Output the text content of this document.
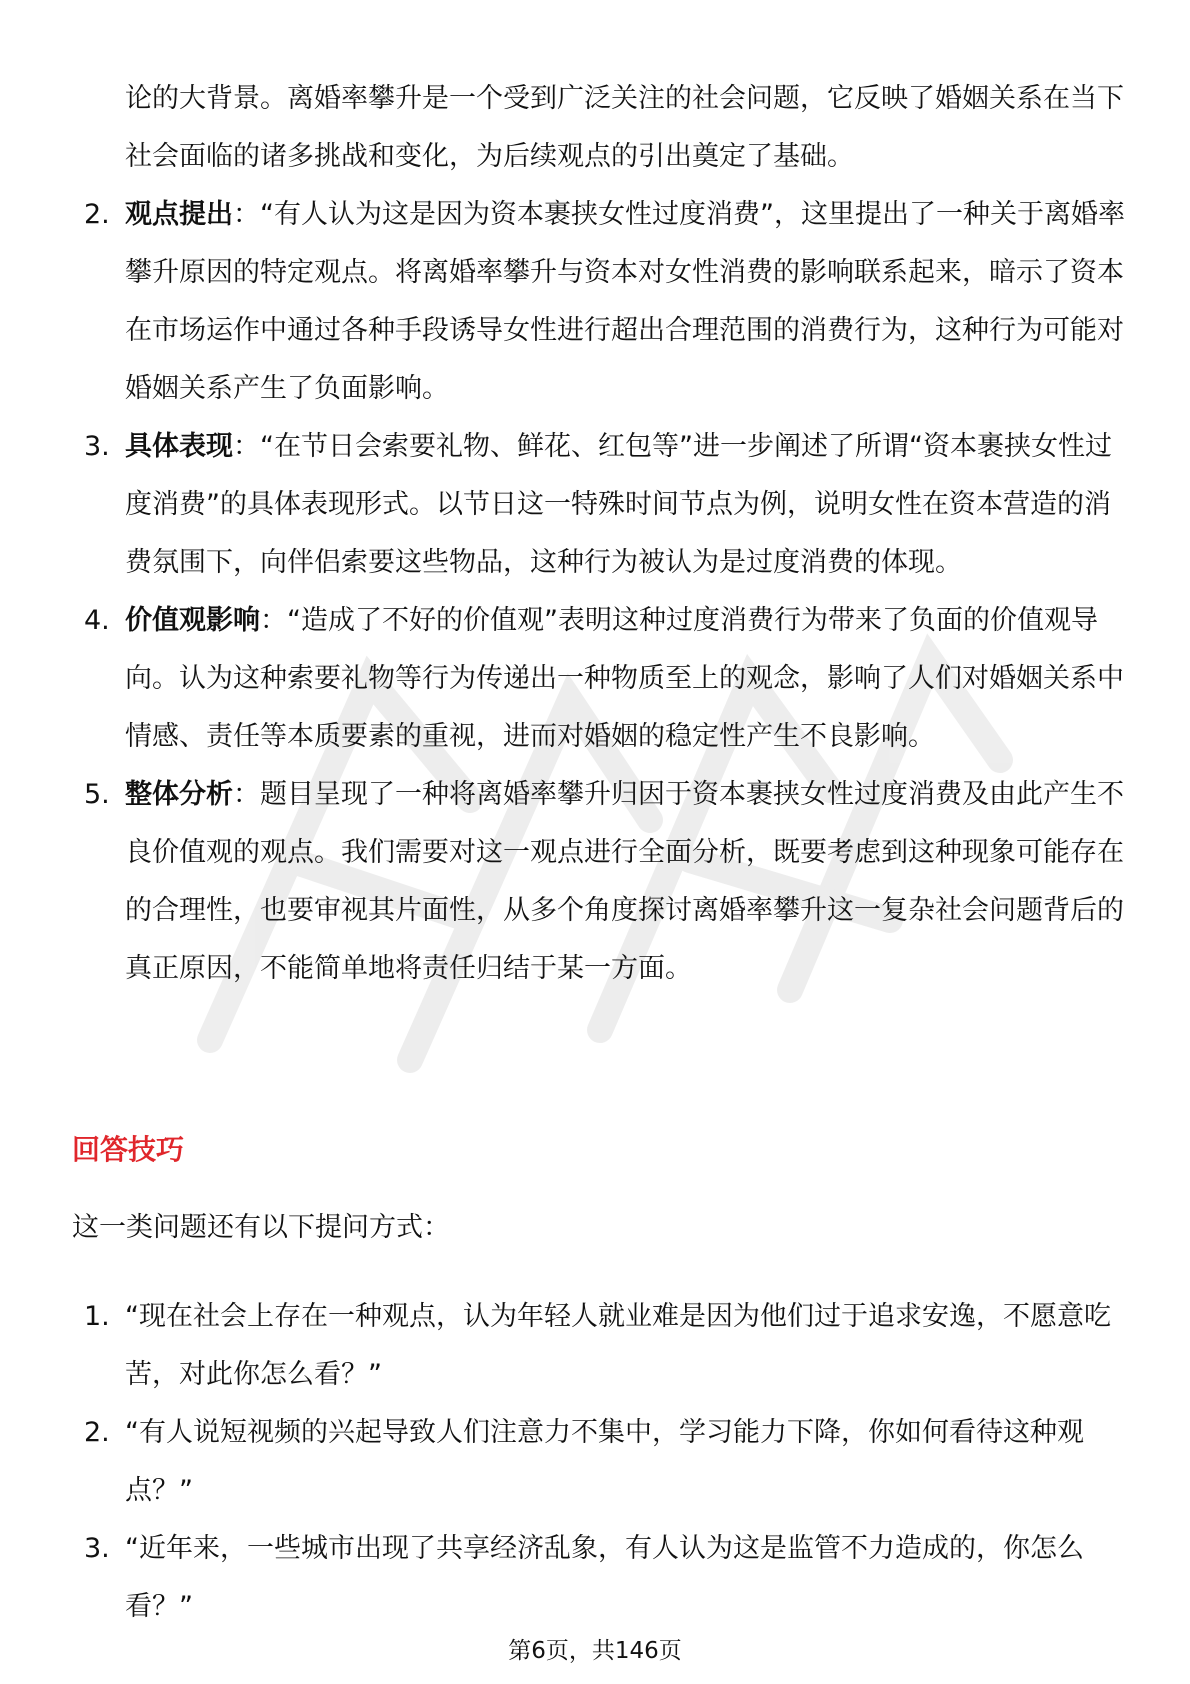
论的大背景。离婚率攀升是一个受到广泛关注的社会问题，它反映了婚姻关系在当下社会面临的诸多挑战和变化，为后续观点的引出奠定了基础。
2. 观点提出：“有人认为这是因为资本裹挟女性过度消费”，这里提出了一种关于离婚率攀升原因的特定观点。将离婚率攀升与资本对女性消费的影响联系起来，暗示了资本在市场运作中通过各种手段诱导女性进行超出合理范围的消费行为，这种行为可能对婚姻关系产生了负面影响。
3. 具体表现：“在节日会索要礼物、鲜花、红包等”进一步阐述了所谓“资本裹挟女性过度消费”的具体表现形式。以节日这一特殊时间节点为例，说明女性在资本营造的消费氛围下，向伴侣索要这些物品，这种行为被认为是过度消费的体现。
4. 价值观影响：“造成了不好的价值观”表明这种过度消费行为带来了负面的价值观导向。认为这种索要礼物等行为传递出一种物质至上的观念，影响了人们对婚姻关系中情感、责任等本质要素的重视，进而对婚姻的稳定性产生不良影响。
5. 整体分析：题目呈现了一种将离婚率攀升归因于资本裹挟女性过度消费及由此产生不良价值观的观点。我们需要对这一观点进行全面分析，既要考虑到这种现象可能存在的合理性，也要审视其片面性，从多个角度探讨离婚率攀升这一复杂社会问题背后的真正原因，不能简单地将责任归结于某一方面。
回答技巧
这一类问题还有以下提问方式：
1. “现在社会上存在一种观点，认为年轻人就业难是因为他们过于追求安逸，不愿意吃苦，对此你怎么看？”
2. “有人说短视频的兴起导致人们注意力不集中，学习能力下降，你如何看待这种观点？”
3. “近年来，一些城市出现了共享经济乱象，有人认为这是监管不力造成的，你怎么看？”
第6页，共146页
